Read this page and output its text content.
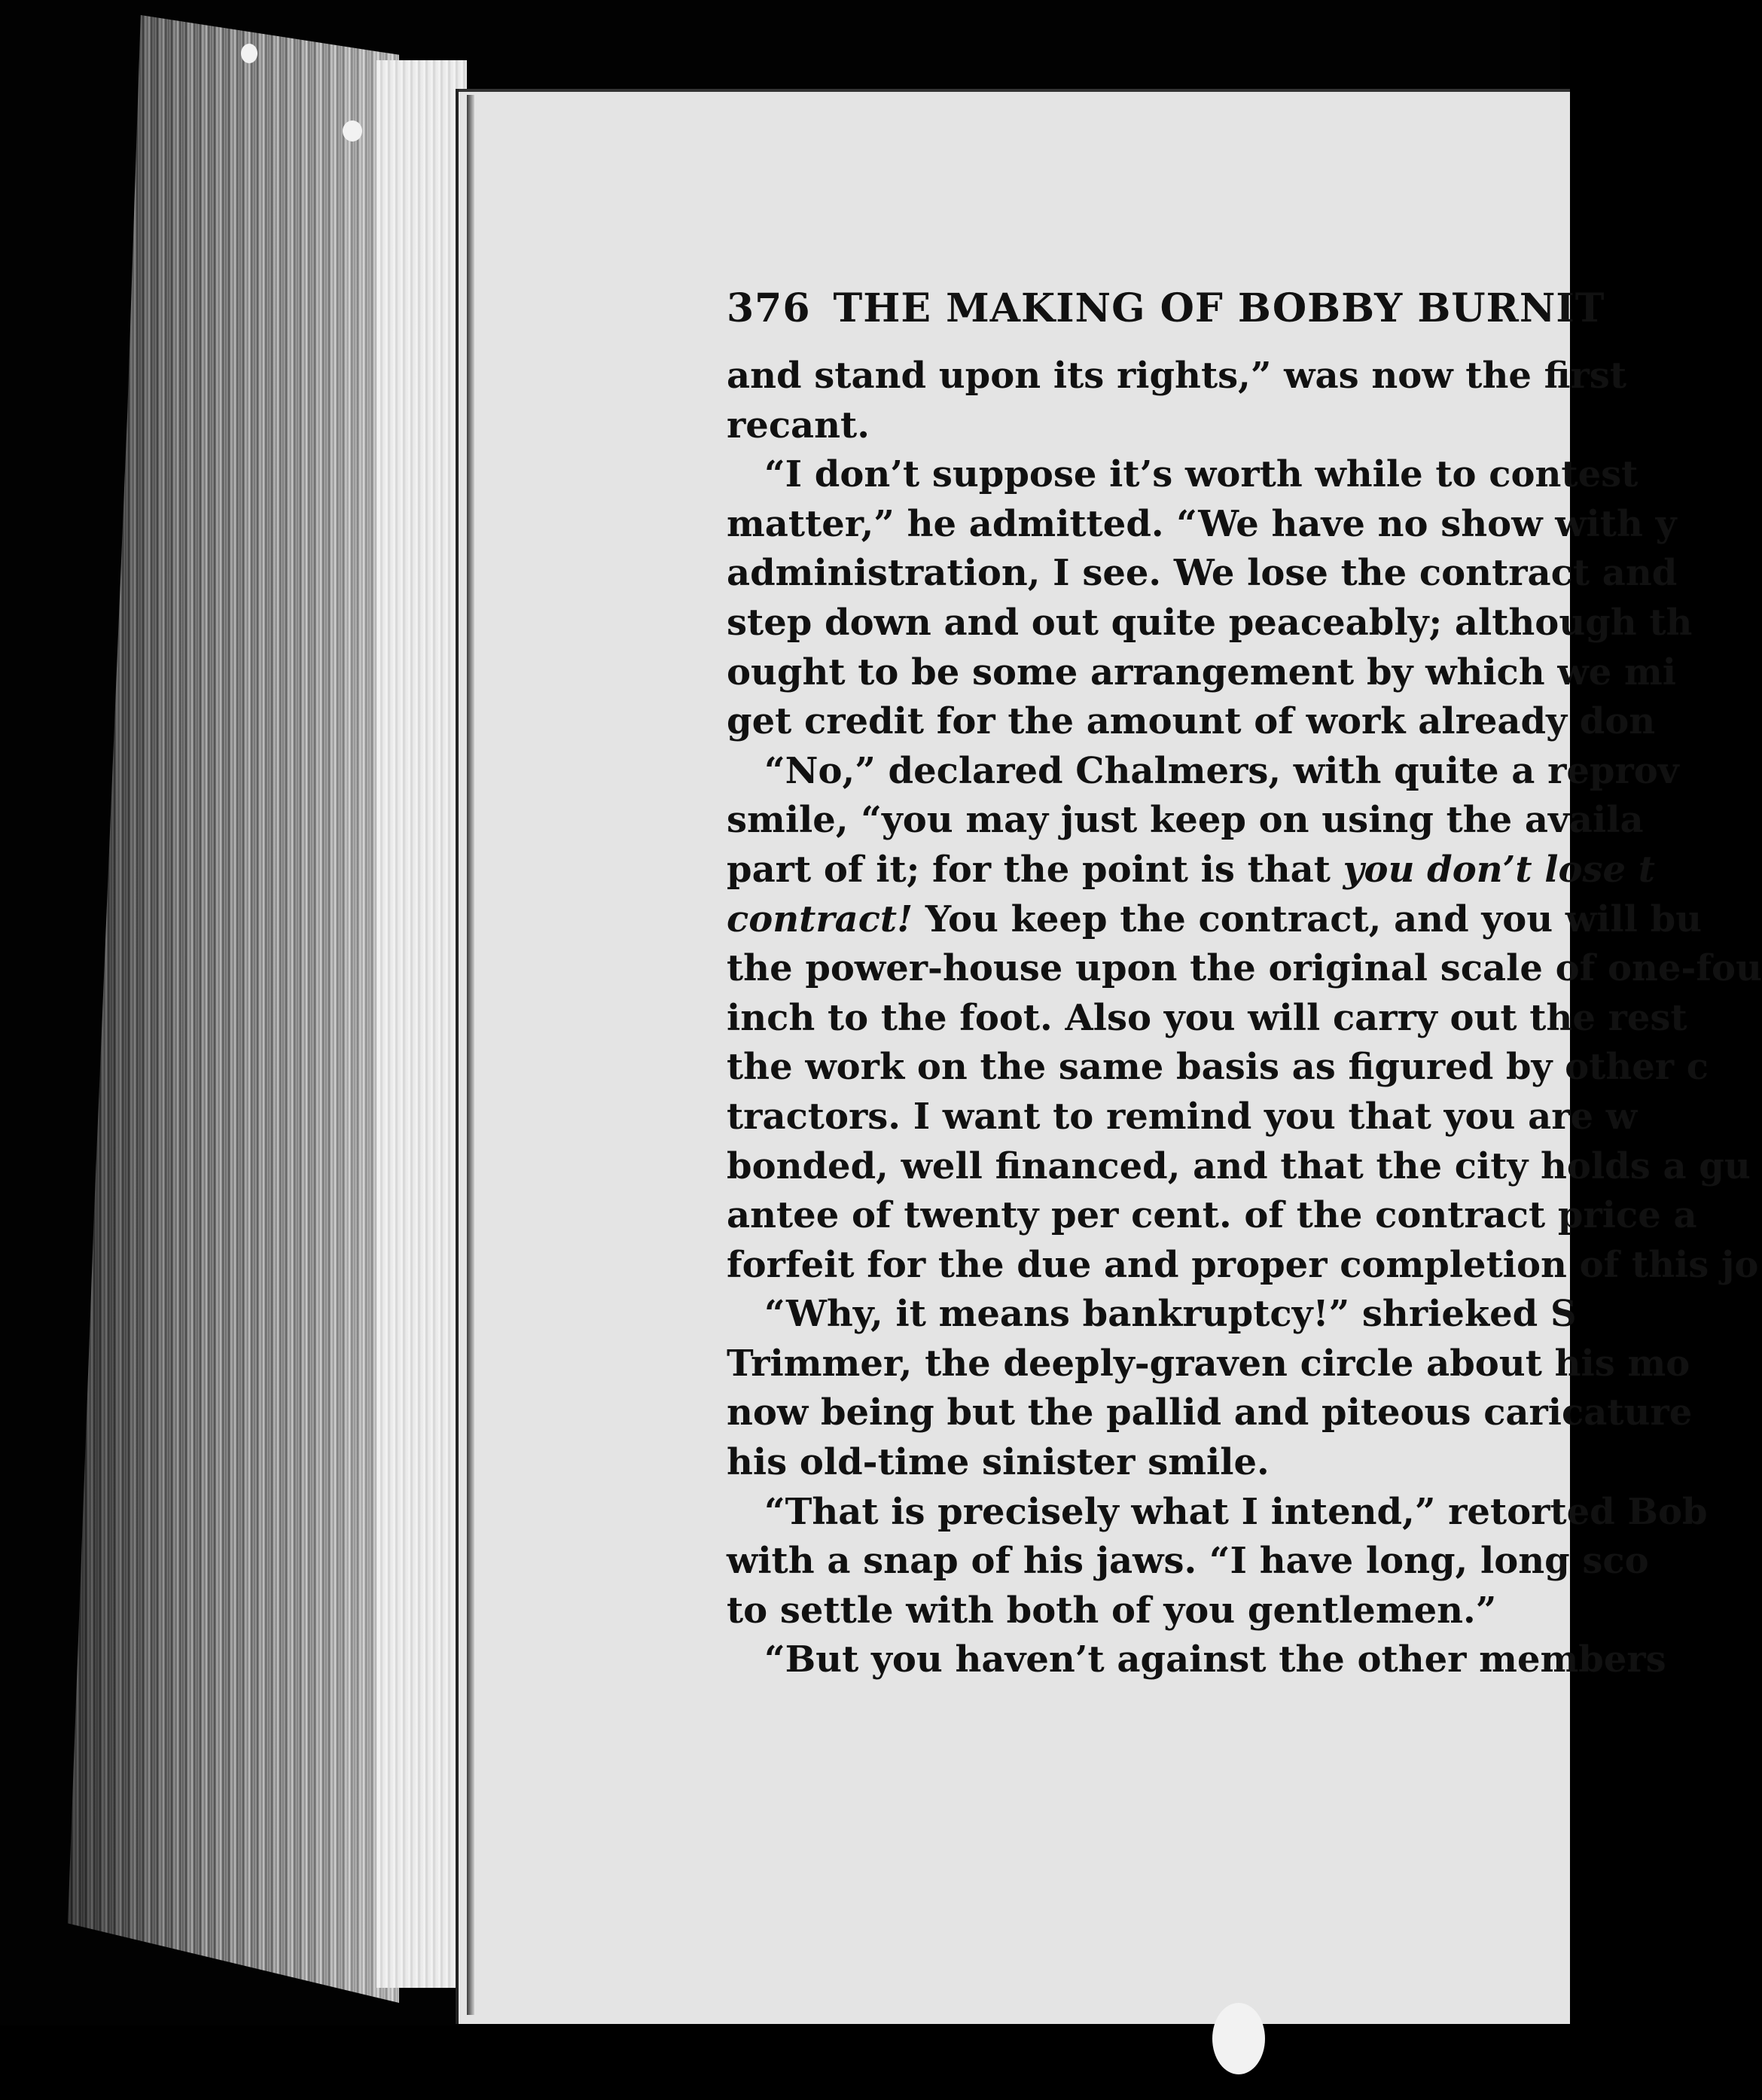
376 THE MAKING OF BOBBY BURNIT
and stand upon its rights,” was now the first
recant.
“I don’t suppose it’s worth while to contest
matter,” he admitted. “We have no show with y
administration, I see. We lose the contract and
step down and out quite peaceably; although th
ought to be some arrangement by which we mi
get credit for the amount of work already don
“No,” declared Chalmers, with quite a reprov
smile, “you may just keep on using the availa
part of it; for the point is that you don’t lose t
contract! You keep the contract, and you will bu
the power-house upon the original scale of one-fou
inch to the foot. Also you will carry out the rest
the work on the same basis as figured by other c
tractors. I want to remind you that you are w
bonded, well financed, and that the city holds a gu
antee of twenty per cent. of the contract price a
forfeit for the due and proper completion of this jo
“Why, it means bankruptcy!” shrieked S
Trimmer, the deeply-graven circle about his mo
now being but the pallid and piteous caricature
his old-time sinister smile.
“That is precisely what I intend,” retorted Bob
with a snap of his jaws. “I have long, long sco
to settle with both of you gentlemen.”
“But you haven’t against the other members
